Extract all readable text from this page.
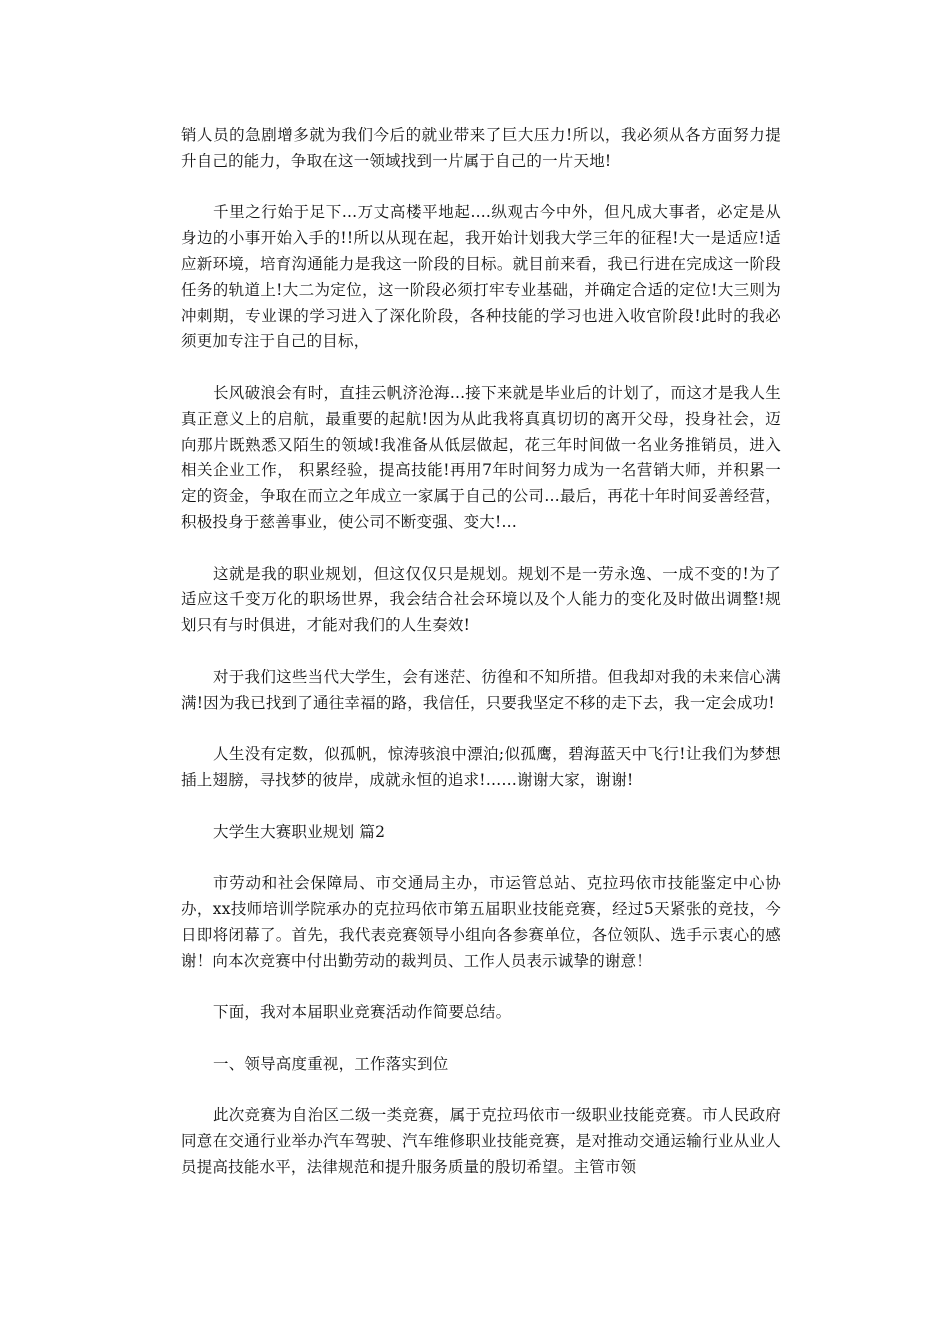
销人员的急剧增多就为我们今后的就业带来了巨大压力!所以，我必须从各方面努力提升自己的能力，争取在这一领域找到一片属于自己的一片天地!

千里之行始于足下...万丈高楼平地起....纵观古今中外，但凡成大事者，必定是从身边的小事开始入手的!!所以从现在起，我开始计划我大学三年的征程!大一是适应!适应新环境，培育沟通能力是我这一阶段的目标。就目前来看，我已行进在完成这一阶段任务的轨道上!大二为定位，这一阶段必须打牢专业基础，并确定合适的定位!大三则为冲刺期，专业课的学习进入了深化阶段，各种技能的学习也进入收官阶段!此时的我必须更加专注于自己的目标，

长风破浪会有时，直挂云帆济沧海...接下来就是毕业后的计划了，而这才是我人生真正意义上的启航，最重要的起航!因为从此我将真真切切的离开父母，投身社会，迈向那片既熟悉又陌生的领域!我准备从低层做起，花三年时间做一名业务推销员，进入相关企业工作， 积累经验，提高技能!再用7年时间努力成为一名营销大师，并积累一定的资金，争取在而立之年成立一家属于自己的公司…最后，再花十年时间妥善经营，积极投身于慈善事业，使公司不断变强、变大!…

这就是我的职业规划，但这仅仅只是规划。规划不是一劳永逸、一成不变的!为了适应这千变万化的职场世界，我会结合社会环境以及个人能力的变化及时做出调整!规划只有与时俱进，才能对我们的人生奏效!

对于我们这些当代大学生，会有迷茫、彷徨和不知所措。但我却对我的未来信心满满!因为我已找到了通往幸福的路，我信任，只要我坚定不移的走下去，我一定会成功!

人生没有定数，似孤帆，惊涛骇浪中漂泊;似孤鹰，碧海蓝天中飞行!让我们为梦想插上翅膀，寻找梦的彼岸，成就永恒的追求!……谢谢大家，谢谢!

大学生大赛职业规划 篇2

市劳动和社会保障局、市交通局主办，市运管总站、克拉玛依市技能鉴定中心协办，xx技师培训学院承办的克拉玛依市第五届职业技能竞赛，经过5天紧张的竞技，今日即将闭幕了。首先，我代表竞赛领导小组向各参赛单位，各位领队、选手示衷心的感谢！向本次竞赛中付出勤劳动的裁判员、工作人员表示诚挚的谢意！

下面，我对本届职业竞赛活动作简要总结。

一、领导高度重视，工作落实到位

此次竞赛为自治区二级一类竞赛，属于克拉玛依市一级职业技能竞赛。市人民政府同意在交通行业举办汽车驾驶、汽车维修职业技能竞赛，是对推动交通运输行业从业人员提高技能水平，法律规范和提升服务质量的殷切希望。主管市领
